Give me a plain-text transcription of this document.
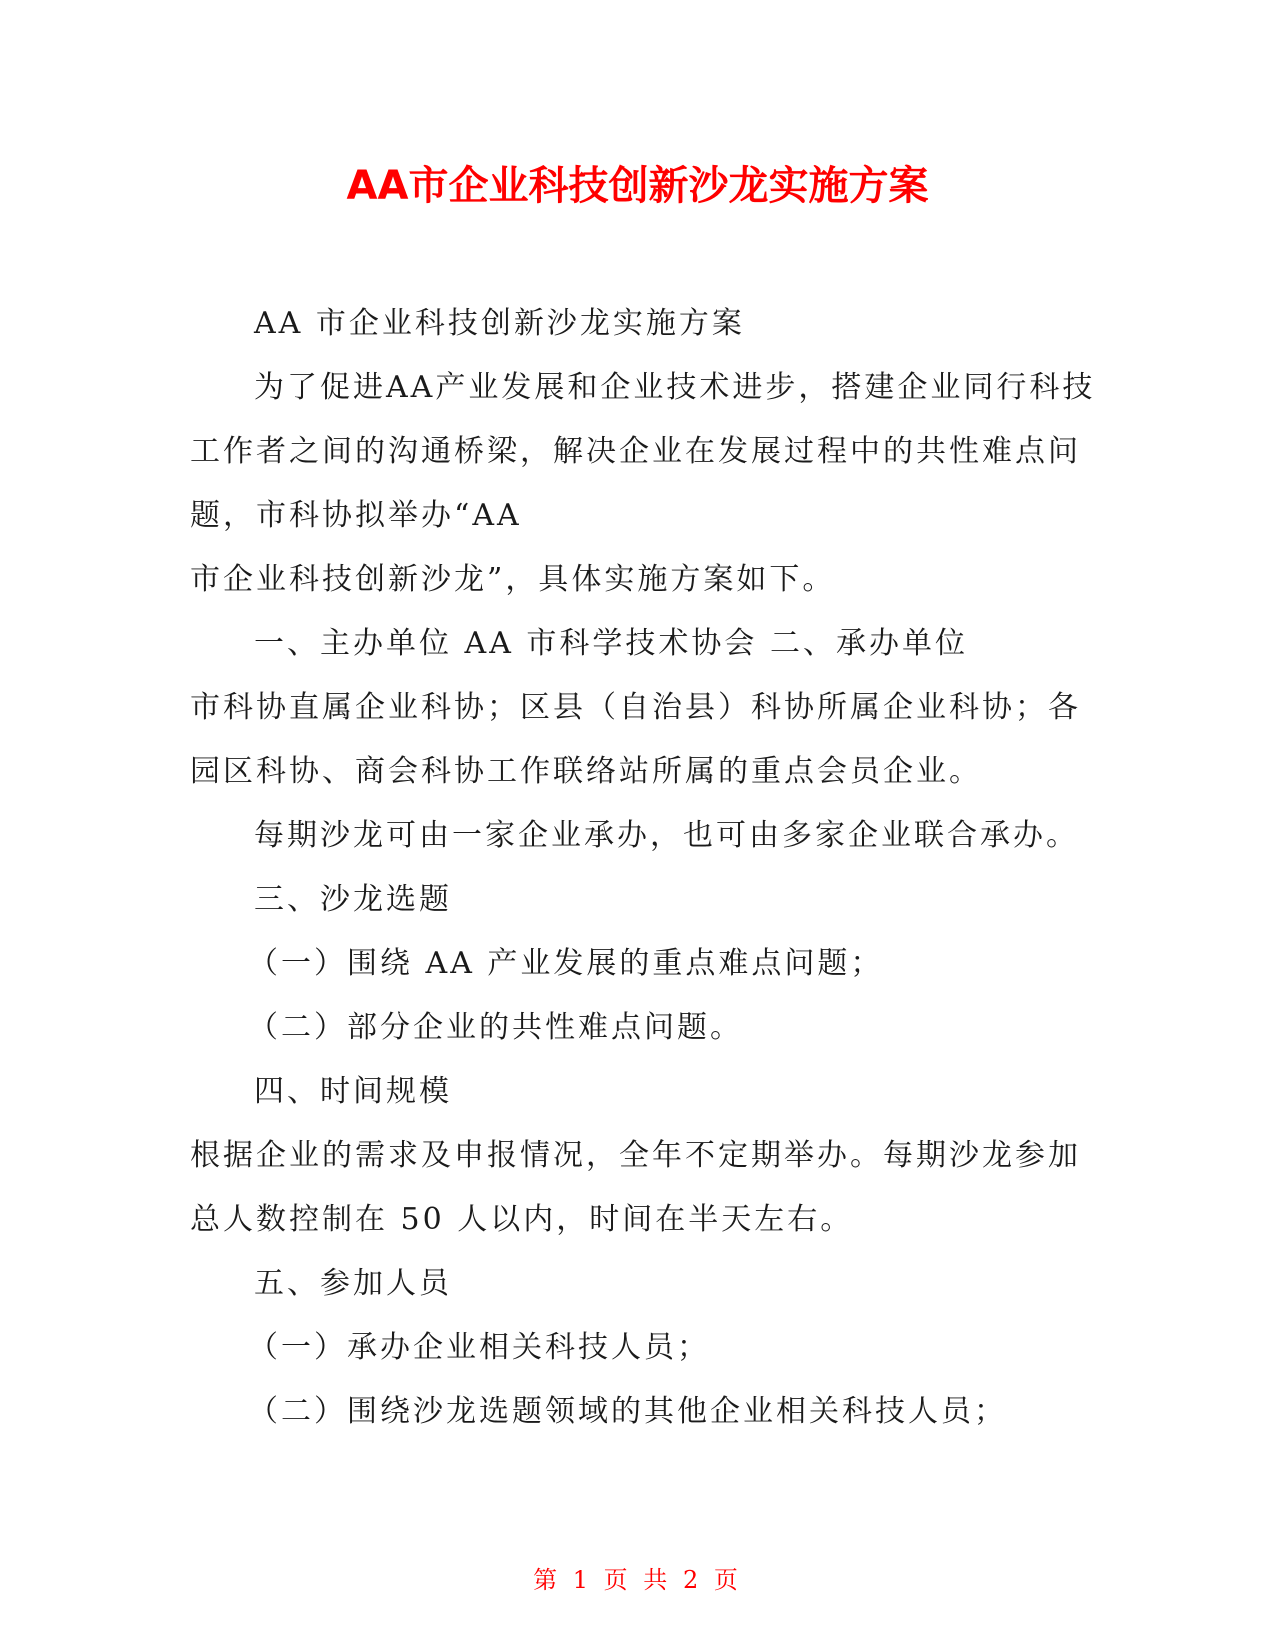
AA市企业科技创新沙龙实施方案
AA 市企业科技创新沙龙实施方案
为了促进AA产业发展和企业技术进步，搭建企业同行科技
工作者之间的沟通桥梁，解决企业在发展过程中的共性难点问
题，市科协拟举办“AA
市企业科技创新沙龙”，具体实施方案如下。
一、主办单位 AA 市科学技术协会 二、承办单位
市科协直属企业科协；区县（自治县）科协所属企业科协；各
园区科协、商会科协工作联络站所属的重点会员企业。
每期沙龙可由一家企业承办，也可由多家企业联合承办。
三、沙龙选题
（一）围绕 AA 产业发展的重点难点问题；
（二）部分企业的共性难点问题。
四、时间规模
根据企业的需求及申报情况，全年不定期举办。每期沙龙参加
总人数控制在 50 人以内，时间在半天左右。
五、参加人员
（一）承办企业相关科技人员；
（二）围绕沙龙选题领域的其他企业相关科技人员；
第 1 页 共 2 页
